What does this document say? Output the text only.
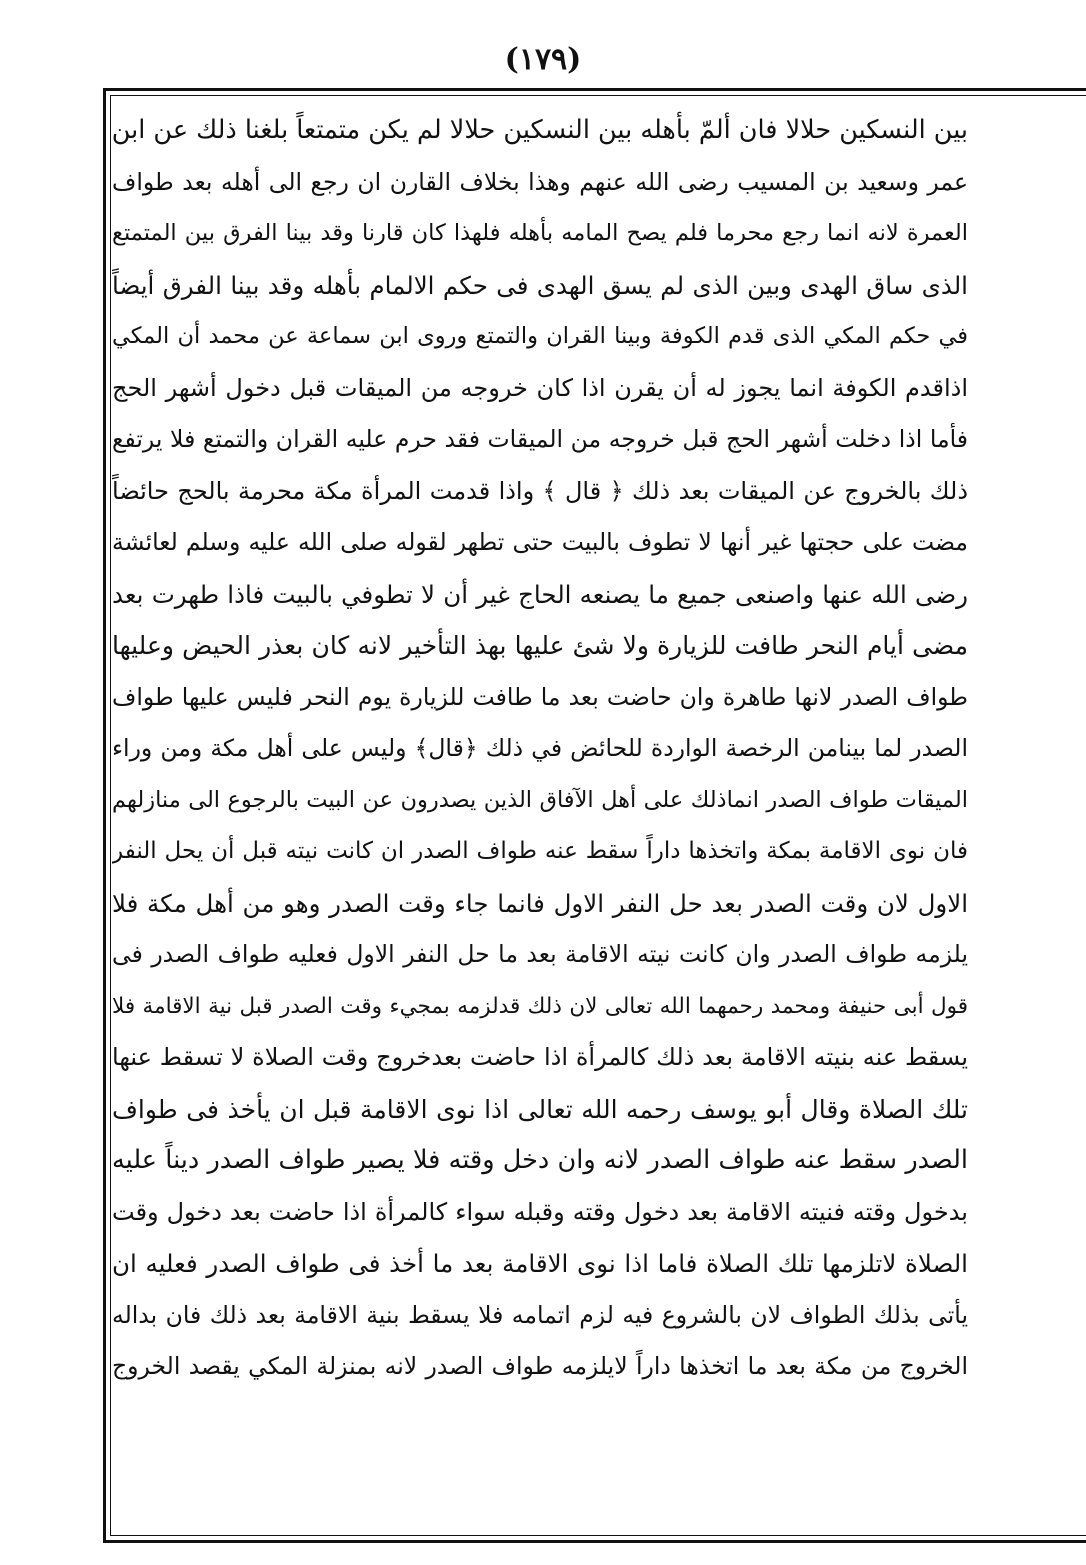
(١٧٩)
بين النسكين حلالا فان ألمّ بأهله بين النسكين حلالا لم يكن متمتعاً بلغنا ذلك عن ابن
عمر وسعيد بن المسيب رضى الله عنهم وهذا بخلاف القارن ان رجع الى أهله بعد طواف
العمرة لانه انما رجع محرما فلم يصح المامه بأهله فلهذا كان قارنا وقد بينا الفرق بين المتمتع
الذى ساق الهدى وبين الذى لم يسق الهدى فى حكم الالمام بأهله وقد بينا الفرق أيضاً
في حكم المكي الذى قدم الكوفة وبينا القران والتمتع وروى ابن سماعة عن محمد أن المكي
اذاقدم الكوفة انما يجوز له أن يقرن اذا كان خروجه من الميقات قبل دخول أشهر الحج
فأما اذا دخلت أشهر الحج قبل خروجه من الميقات فقد حرم عليه القران والتمتع فلا يرتفع
ذلك بالخروج عن الميقات بعد ذلك ﴿ قال ﴾ واذا قدمت المرأة مكة محرمة بالحج حائضاً
مضت على حجتها غير أنها لا تطوف بالبيت حتى تطهر لقوله صلى الله عليه وسلم لعائشة
رضى الله عنها واصنعى جميع ما يصنعه الحاج غير أن لا تطوفي بالبيت فاذا طهرت بعد
مضى أيام النحر طافت للزيارة ولا شئ عليها بهذ التأخير لانه كان بعذر الحيض وعليها
طواف الصدر لانها طاهرة وان حاضت بعد ما طافت للزيارة يوم النحر فليس عليها طواف
الصدر لما بينامن الرخصة الواردة للحائض في ذلك ﴿قال﴾ وليس على أهل مكة ومن وراء
الميقات طواف الصدر انماذلك على أهل الآفاق الذين يصدرون عن البيت بالرجوع الى منازلهم
فان نوى الاقامة بمكة واتخذها داراً سقط عنه طواف الصدر ان كانت نيته قبل أن يحل النفر
الاول لان وقت الصدر بعد حل النفر الاول فانما جاء وقت الصدر وهو من أهل مكة فلا
يلزمه طواف الصدر وان كانت نيته الاقامة بعد ما حل النفر الاول فعليه طواف الصدر فى
قول أبى حنيفة ومحمد رحمهما الله تعالى لان ذلك قدلزمه بمجيء وقت الصدر قبل نية الاقامة فلا
يسقط عنه بنيته الاقامة بعد ذلك كالمرأة اذا حاضت بعدخروج وقت الصلاة لا تسقط عنها
تلك الصلاة وقال أبو يوسف رحمه الله تعالى اذا نوى الاقامة قبل ان يأخذ فى طواف
الصدر سقط عنه طواف الصدر لانه وان دخل وقته فلا يصير طواف الصدر ديناً عليه
بدخول وقته فنيته الاقامة بعد دخول وقته وقبله سواء كالمرأة اذا حاضت بعد دخول وقت
الصلاة لاتلزمها تلك الصلاة فاما اذا نوى الاقامة بعد ما أخذ فى طواف الصدر فعليه ان
يأتى بذلك الطواف لان بالشروع فيه لزم اتمامه فلا يسقط بنية الاقامة بعد ذلك فان بداله
الخروج من مكة بعد ما اتخذها داراً لايلزمه طواف الصدر لانه بمنزلة المكي يقصد الخروج
